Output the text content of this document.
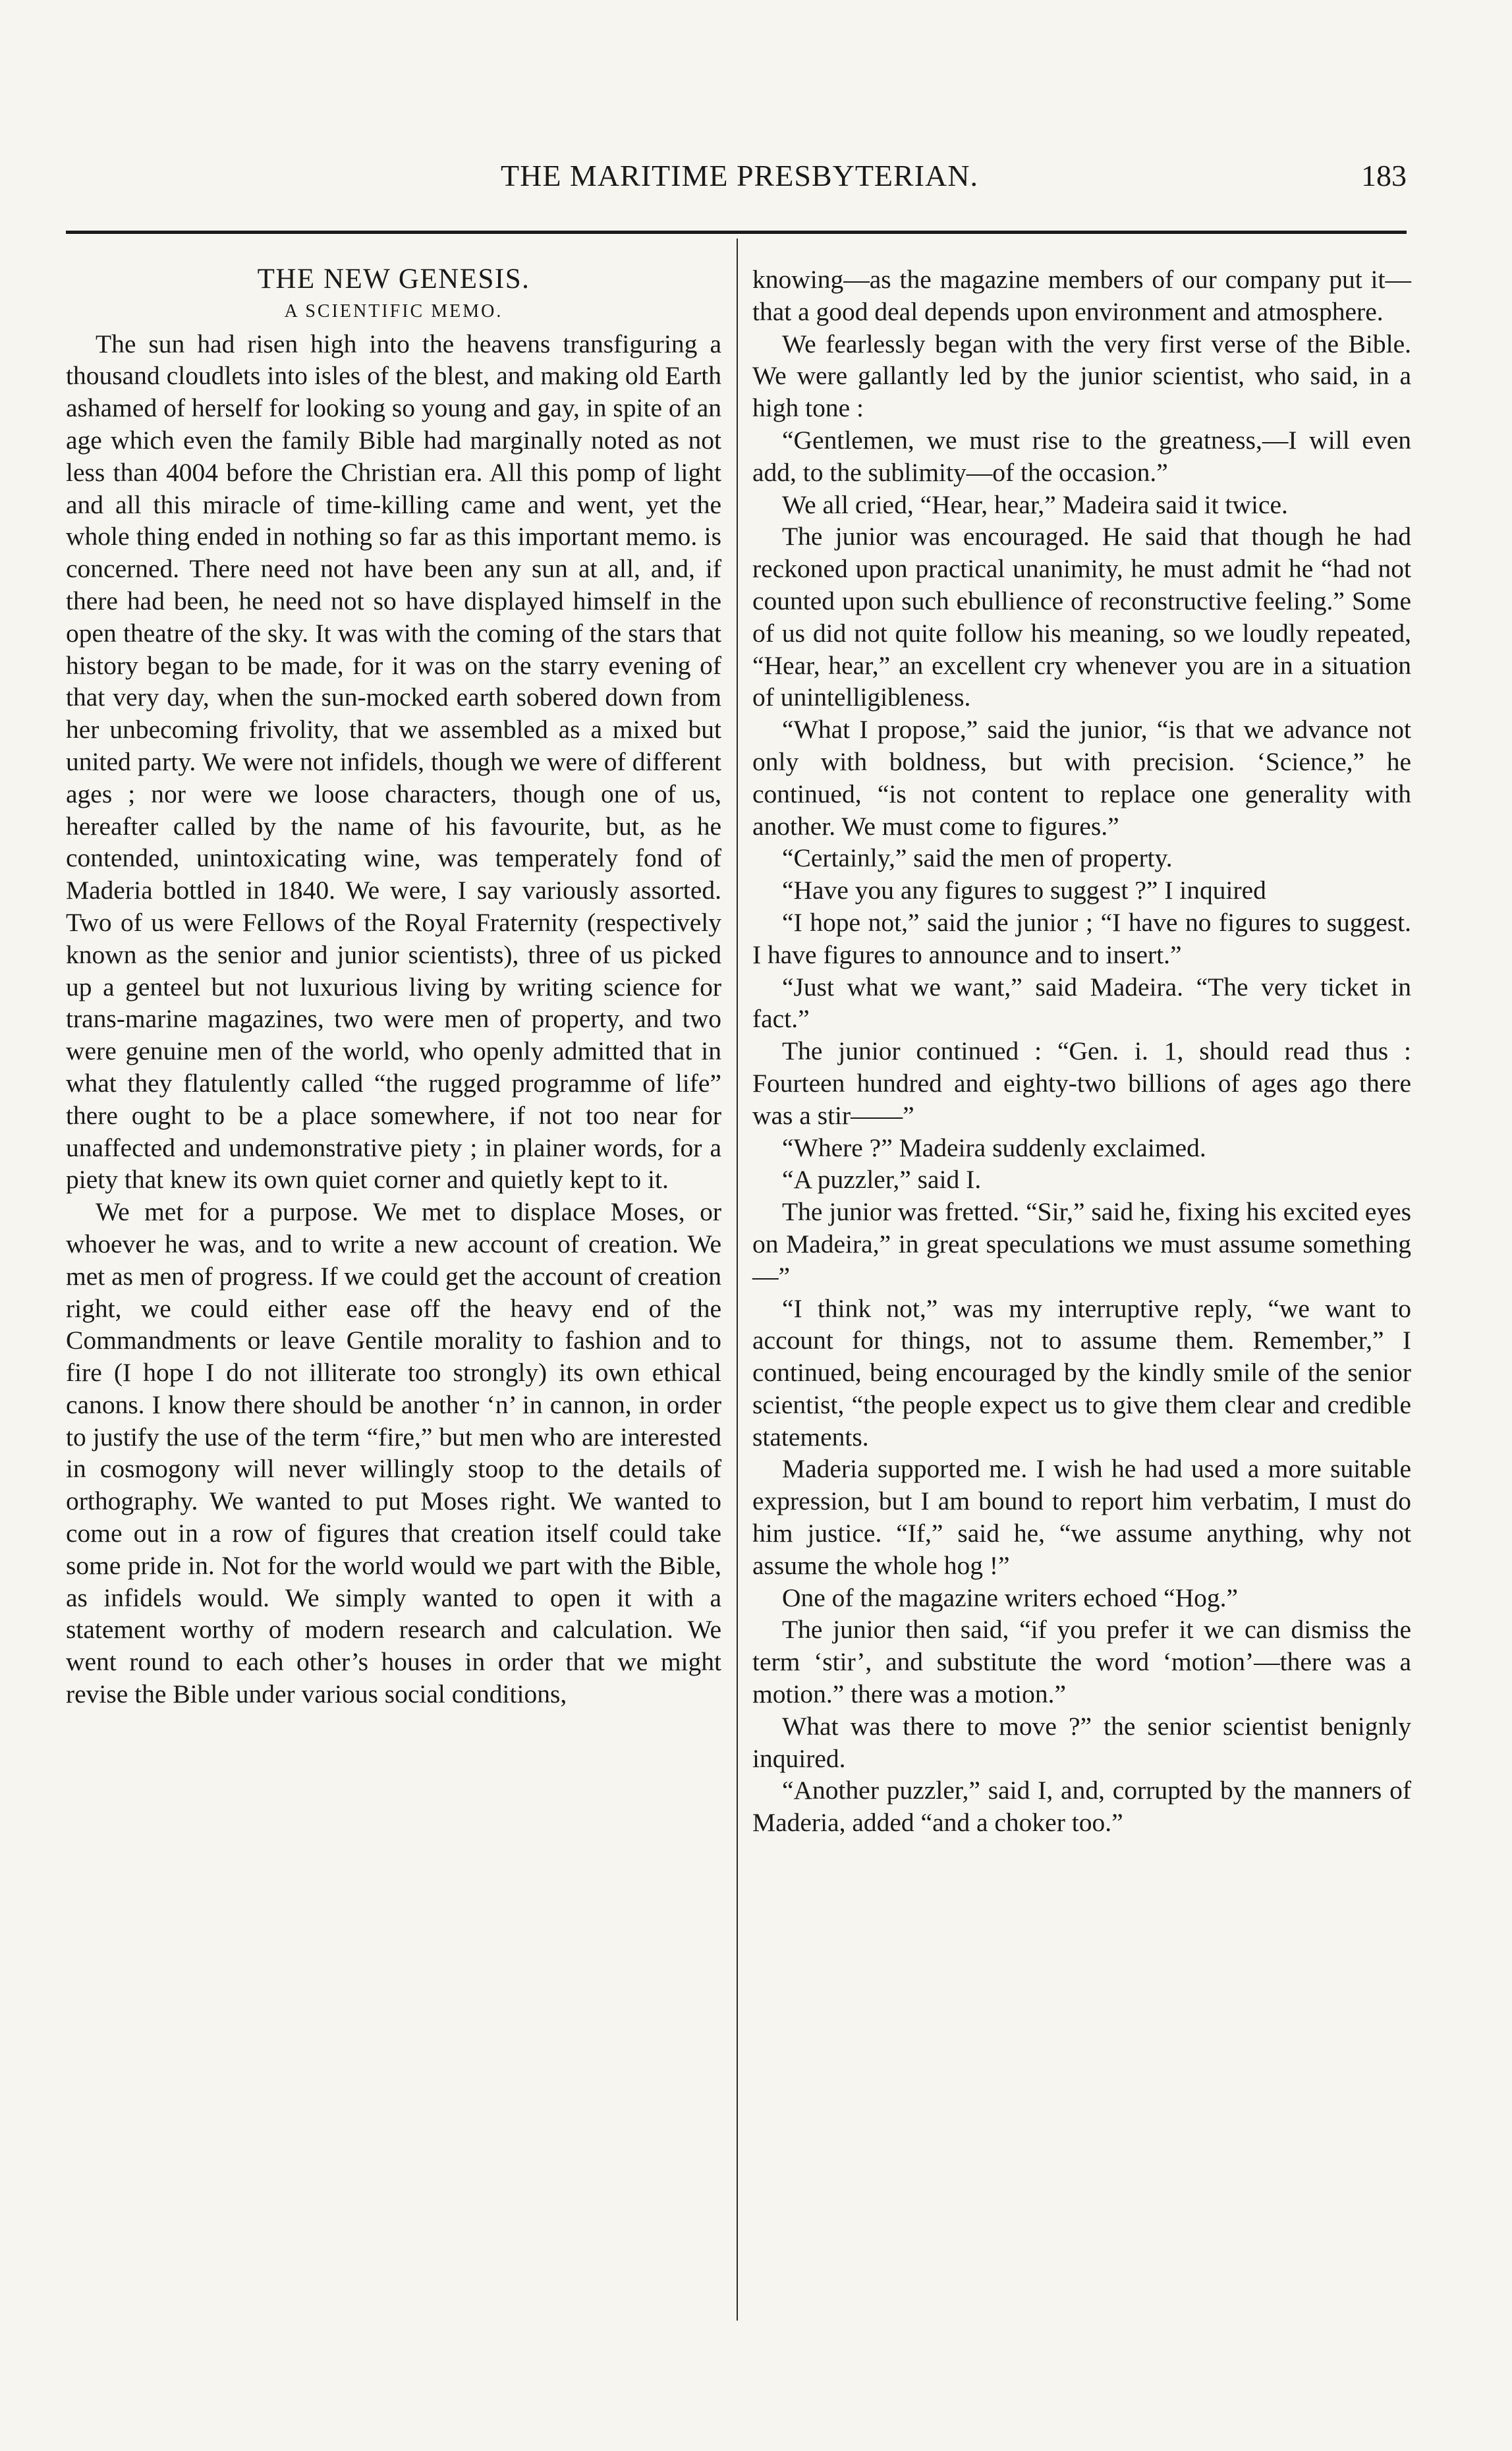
THE MARITIME PRESBYTERIAN.	183

THE NEW GENESIS.

A SCIENTIFIC MEMO.

The sun had risen high into the heavens transfiguring a thousand cloudlets into isles of the blest, and making old Earth ashamed of herself for looking so young and gay, in spite of an age which even the family Bible had marginally noted as not less than 4004 before the Christian era. All this pomp of light and all this miracle of time-killing came and went, yet the whole thing ended in nothing so far as this important memo. is concerned. There need not have been any sun at all, and, if there had been, he need not so have displayed himself in the open theatre of the sky. It was with the coming of the stars that history began to be made, for it was on the starry evening of that very day, when the sun-mocked earth sobered down from her unbecoming frivolity, that we assembled as a mixed but united party. We were not infidels, though we were of different ages ; nor were we loose characters, though one of us, hereafter called by the name of his favourite, but, as he contended, unintoxicating wine, was temperately fond of Maderia bottled in 1840. We were, I say variously assorted. Two of us were Fellows of the Royal Fraternity (respectively known as the senior and junior scientists), three of us picked up a genteel but not luxurious living by writing science for trans-marine magazines, two were men of property, and two were genuine men of the world, who openly admitted that in what they flatulently called “the rugged programme of life” there ought to be a place somewhere, if not too near for unaffected and undemonstrative piety ; in plainer words, for a piety that knew its own quiet corner and quietly kept to it.

We met for a purpose. We met to displace Moses, or whoever he was, and to write a new account of creation. We met as men of progress. If we could get the account of creation right, we could either ease off the heavy end of the Commandments or leave Gentile morality to fashion and to fire (I hope I do not illiterate too strongly) its own ethical canons. I know there should be another ‘n’ in cannon, in order to justify the use of the term “fire,” but men who are interested in cosmogony will never willingly stoop to the details of orthography. We wanted to put Moses right. We wanted to come out in a row of figures that creation itself could take some pride in. Not for the world would we part with the Bible, as infidels would. We simply wanted to open it with a statement worthy of modern research and calculation. We went round to each other’s houses in order that we might revise the Bible under various social conditions,

knowing—as the magazine members of our company put it—that a good deal depends upon environment and atmosphere.

We fearlessly began with the very first verse of the Bible. We were gallantly led by the junior scientist, who said, in a high tone :

“Gentlemen, we must rise to the greatness,—I will even add, to the sublimity—of the occasion.”

We all cried, “Hear, hear,” Madeira said it twice.

The junior was encouraged. He said that though he had reckoned upon practical unanimity, he must admit he “had not counted upon such ebullience of reconstructive feeling.” Some of us did not quite follow his meaning, so we loudly repeated, “Hear, hear,” an excellent cry whenever you are in a situation of unintelligibleness.

“What I propose,” said the junior, “is that we advance not only with boldness, but with precision. ‘Science,” he continued, “is not content to replace one generality with another. We must come to figures.”

“Certainly,” said the men of property.

“Have you any figures to suggest ?” I inquired

“I hope not,” said the junior ; “I have no figures to suggest. I have figures to announce and to insert.”

“Just what we want,” said Madeira. “The very ticket in fact.”

The junior continued : “Gen. i. 1, should read thus : Fourteen hundred and eighty-two billions of ages ago there was a stir——”

“Where ?” Madeira suddenly exclaimed.

“A puzzler,” said I.

The junior was fretted. “Sir,” said he, fixing his excited eyes on Madeira,” in great speculations we must assume something—”

“I think not,” was my interruptive reply, “we want to account for things, not to assume them. Remember,” I continued, being encouraged by the kindly smile of the senior scientist, “the people expect us to give them clear and credible statements.

Maderia supported me. I wish he had used a more suitable expression, but I am bound to report him verbatim, I must do him justice. “If,” said he, “we assume anything, why not assume the whole hog !”

One of the magazine writers echoed “Hog.”

The junior then said, “if you prefer it we can dismiss the term ‘stir’, and substitute the word ‘motion’—there was a motion.” there was a motion.”

What was there to move ?” the senior scientist benignly inquired.

“Another puzzler,” said I, and, corrupted by the manners of Maderia, added “and a choker too.”
